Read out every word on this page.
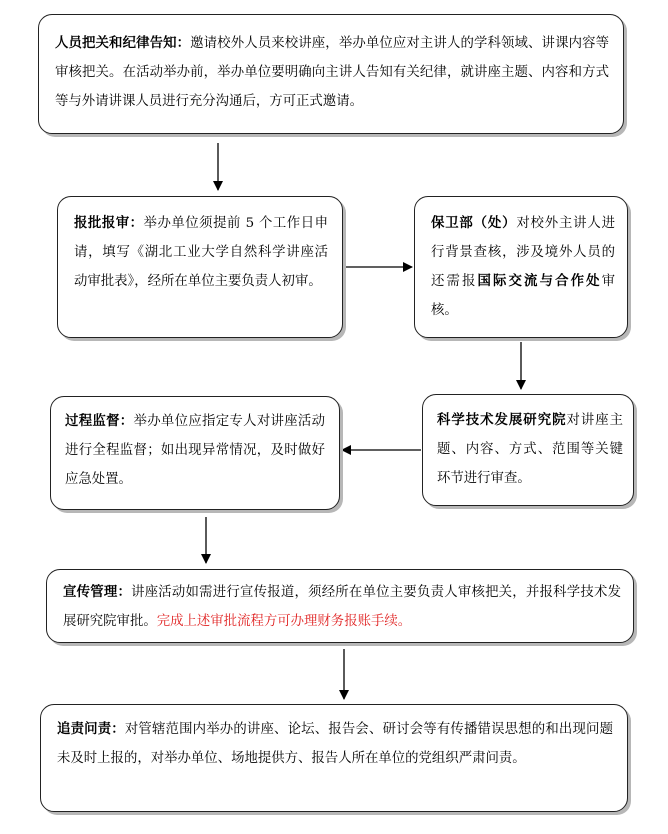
人员把关和纪律告知：邀请校外人员来校讲座，举办单位应对主讲人的学科领域、讲课内容等审核把关。在活动举办前，举办单位要明确向主讲人告知有关纪律，就讲座主题、内容和方式等与外请讲课人员进行充分沟通后，方可正式邀请。
报批报审：举办单位须提前 5 个工作日申请，填写《湖北工业大学自然科学讲座活动审批表》，经所在单位主要负责人初审。
保卫部（处）对校外主讲人进行背景查核，涉及境外人员的还需报国际交流与合作处审核。
科学技术发展研究院对讲座主题、内容、方式、范围等关键环节进行审查。
过程监督：举办单位应指定专人对讲座活动进行全程监督；如出现异常情况，及时做好应急处置。
宣传管理：讲座活动如需进行宣传报道，须经所在单位主要负责人审核把关，并报科学技术发展研究院审批。完成上述审批流程方可办理财务报账手续。
追责问责：对管辖范围内举办的讲座、论坛、报告会、研讨会等有传播错误思想的和出现问题未及时上报的，对举办单位、场地提供方、报告人所在单位的党组织严肃问责。
